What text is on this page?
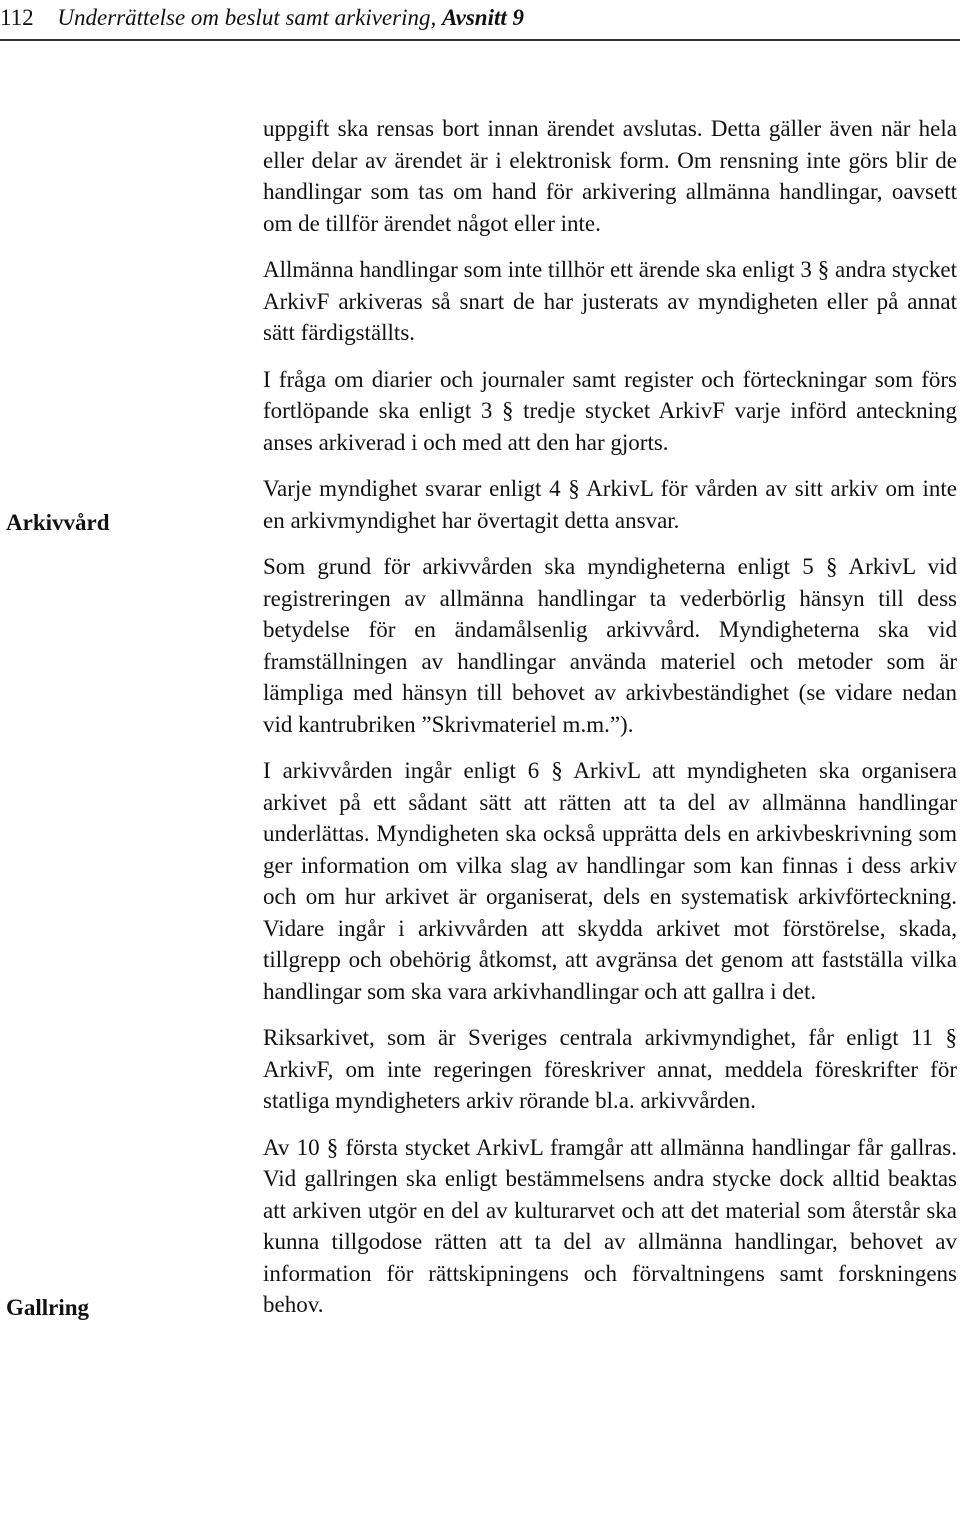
112 Underrättelse om beslut samt arkivering, Avsnitt 9
Arkivvård
Gallring

uppgift ska rensas bort innan ärendet avslutas. Detta gäller även när hela eller delar av ärendet är i elektronisk form. Om rensning inte görs blir de handlingar som tas om hand för arkivering allmänna handlingar, oavsett om de tillför ärendet något eller inte.

Allmänna handlingar som inte tillhör ett ärende ska enligt 3 § andra stycket ArkivF arkiveras så snart de har justerats av myndigheten eller på annat sätt färdigställts.

I fråga om diarier och journaler samt register och förteckningar som förs fortlöpande ska enligt 3 § tredje stycket ArkivF varje införd anteckning anses arkiverad i och med att den har gjorts.

Varje myndighet svarar enligt 4 § ArkivL för vården av sitt arkiv om inte en arkivmyndighet har övertagit detta ansvar.

Som grund för arkivvården ska myndigheterna enligt 5 § ArkivL vid registreringen av allmänna handlingar ta vederbörlig hänsyn till dess betydelse för en ändamålsenlig arkivvård. Myndigheterna ska vid framställningen av handlingar använda materiel och metoder som är lämpliga med hänsyn till behovet av arkivbeständighet (se vidare nedan vid kantrubriken ”Skrivmateriel m.m.”).

I arkivvården ingår enligt 6 § ArkivL att myndigheten ska organisera arkivet på ett sådant sätt att rätten att ta del av allmänna handlingar underlättas. Myndigheten ska också upprätta dels en arkivbeskrivning som ger information om vilka slag av handlingar som kan finnas i dess arkiv och om hur arkivet är organiserat, dels en systematisk arkivförteckning. Vidare ingår i arkivvården att skydda arkivet mot förstörelse, skada, tillgrepp och obehörig åtkomst, att avgränsa det genom att fastställa vilka handlingar som ska vara arkivhandlingar och att gallra i det.

Riksarkivet, som är Sveriges centrala arkivmyndighet, får enligt 11 § ArkivF, om inte regeringen föreskriver annat, meddela föreskrifter för statliga myndigheters arkiv rörande bl.a. arkivvården.

Av 10 § första stycket ArkivL framgår att allmänna handlingar får gallras. Vid gallringen ska enligt bestämmelsens andra stycke dock alltid beaktas att arkiven utgör en del av kulturarvet och att det material som återstår ska kunna tillgodose rätten att ta del av allmänna handlingar, behovet av information för rättskipningens och förvaltningens samt forskningens behov.
